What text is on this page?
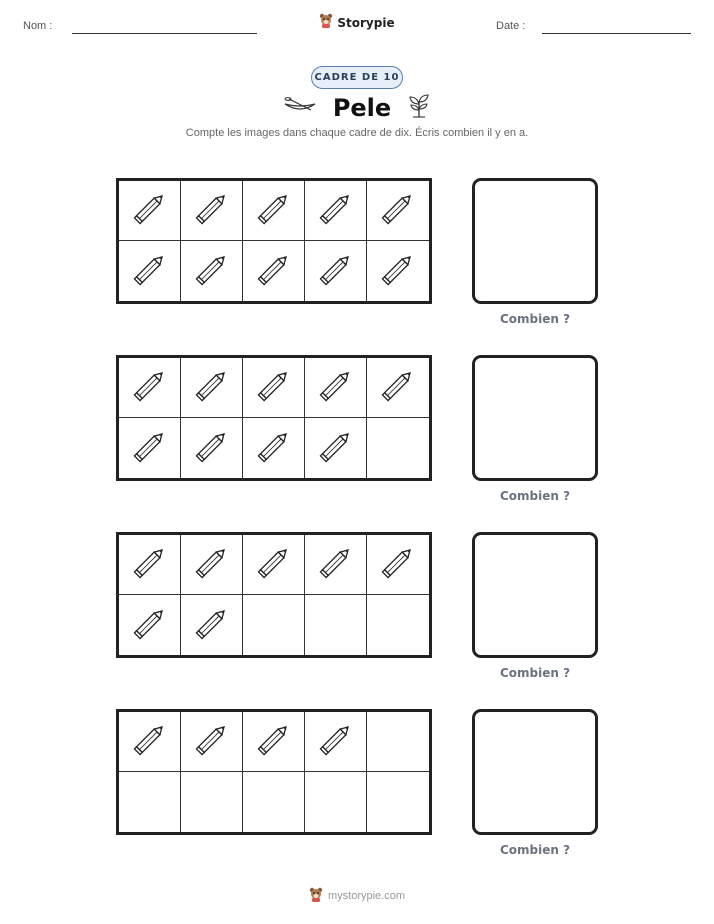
Nom :	Storypie	Date :
CADRE DE 10
Pele
Compte les images dans chaque cadre de dix. Écris combien il y en a.
Combien ?
Combien ?
Combien ?
Combien ?
mystorypie.com
